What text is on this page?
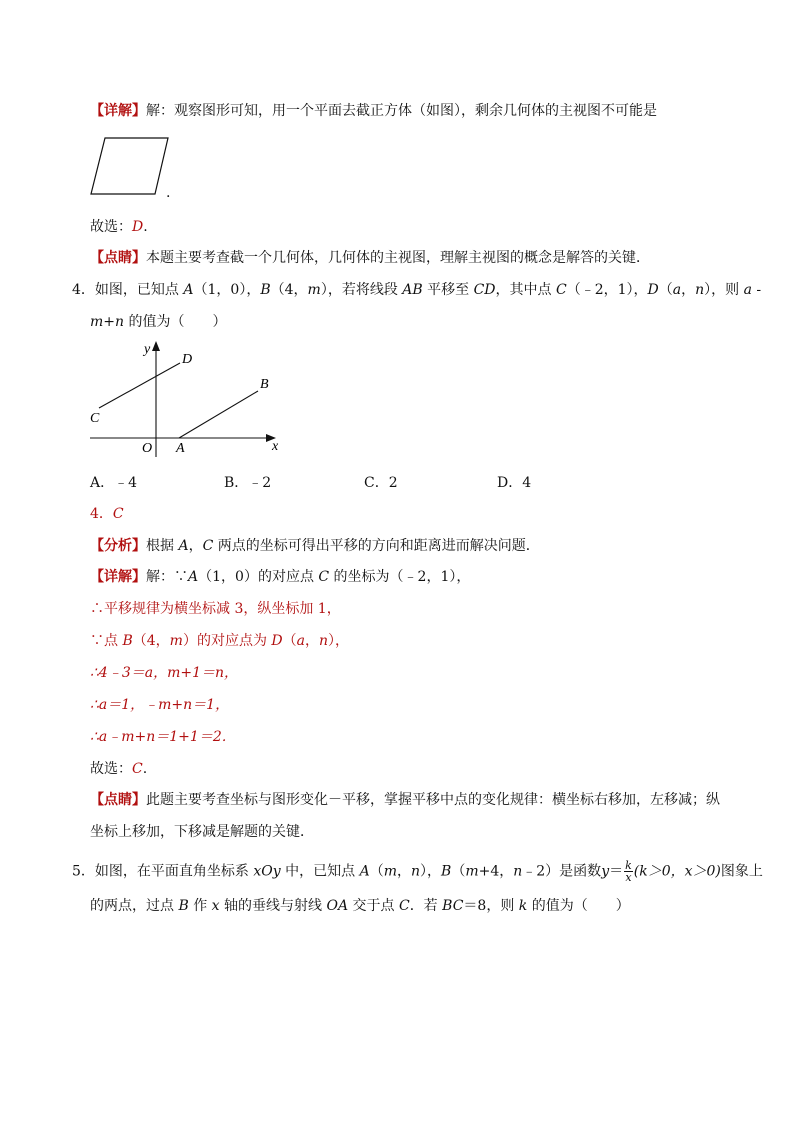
【详解】解：观察图形可知，用一个平面去截正方体（如图），剩余几何体的主视图不可能是
.
故选：D.
【点睛】本题主要考查截一个几何体，几何体的主视图，理解主视图的概念是解答的关键．
4．如图，已知点 A（1，0），B（4，m），若将线段 AB 平移至 CD，其中点 C（﹣2，1），D（a，n），则 a -
m+n 的值为（　　）
y
x
O A
B
C
D
A．﹣4	B．﹣2	C．2	D．4
4．C
【分析】根据 A，C 两点的坐标可得出平移的方向和距离进而解决问题．
【详解】解：∵A（1，0）的对应点 C 的坐标为（﹣2，1），
∴平移规律为横坐标减 3，纵坐标加 1，
∵点 B（4，m）的对应点为 D（a，n），
∴4﹣3＝a，m+1＝n，
∴a＝1，﹣m+n＝1，
∴a﹣m+n＝1+1＝2．
故选：C.
【点睛】此题主要考查坐标与图形变化－平移，掌握平移中点的变化规律：横坐标右移加，左移减；纵
坐标上移加，下移减是解题的关键．
5．如图，在平面直角坐标系 xOy 中，已知点 A（m，n），B（m+4，n﹣2）是函数$y= \frac{k}{x} (k>0$，x＞0)图象上
的两点，过点 B 作 x 轴的垂线与射线 OA 交于点 C．若 BC＝8，则 k 的值为（　　）
